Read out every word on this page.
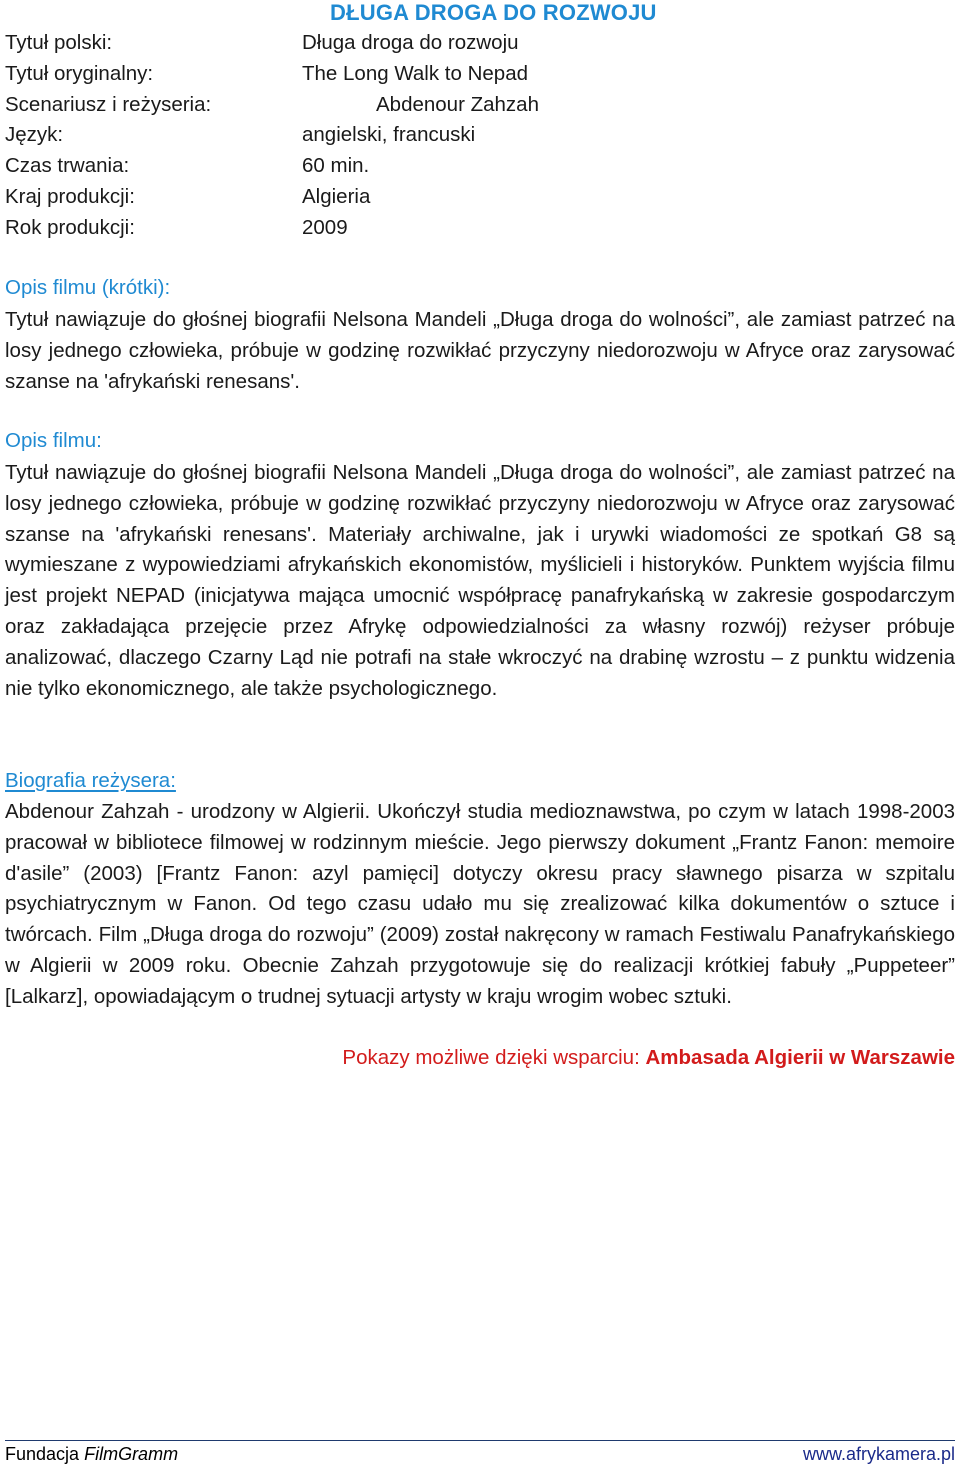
DŁUGA DROGA DO ROZWOJU
Tytuł polski:	Długa droga do rozwoju
Tytuł oryginalny:	The Long Walk to Nepad
Scenariusz i reżyseria:	Abdenour Zahzah
Język:	angielski, francuski
Czas trwania:	60 min.
Kraj produkcji:	Algieria
Rok produkcji:	2009
Opis filmu (krótki):
Tytuł nawiązuje do głośnej biografii Nelsona Mandeli „Długa droga do wolności”, ale zamiast patrzeć na losy jednego człowieka, próbuje w godzinę rozwikłać przyczyny niedorozwoju w Afryce oraz zarysować szanse na 'afrykański renesans'.
Opis filmu:
Tytuł nawiązuje do głośnej biografii Nelsona Mandeli „Długa droga do wolności”, ale zamiast patrzeć na losy jednego człowieka, próbuje w godzinę rozwikłać przyczyny niedorozwoju w Afryce oraz zarysować szanse na 'afrykański renesans'. Materiały archiwalne, jak i urywki wiadomości ze spotkań G8 są wymieszane z wypowiedziami afrykańskich ekonomistów, myślicieli i historyków. Punktem wyjścia filmu jest projekt NEPAD (inicjatywa mająca umocnić współpracę panafrykańską w zakresie gospodarczym oraz zakładająca przejęcie przez Afrykę odpowiedzialności za własny rozwój) reżyser próbuje analizować, dlaczego Czarny Ląd nie potrafi na stałe wkroczyć na drabinę wzrostu – z punktu widzenia nie tylko ekonomicznego, ale także psychologicznego.
Biografia reżysera:
Abdenour Zahzah - urodzony w Algierii. Ukończył studia medioznawstwa, po czym w latach 1998-2003 pracował w bibliotece filmowej w rodzinnym mieście. Jego pierwszy dokument „Frantz Fanon: memoire d'asile” (2003) [Frantz Fanon: azyl pamięci] dotyczy okresu pracy sławnego pisarza w szpitalu psychiatrycznym w Fanon. Od tego czasu udało mu się zrealizować kilka dokumentów o sztuce i twórcach. Film „Długa droga do rozwoju” (2009) został nakręcony w ramach Festiwalu Panafrykańskiego w Algierii w 2009 roku. Obecnie Zahzah przygotowuje się do realizacji krótkiej fabuły „Puppeteer” [Lalkarz], opowiadającym o trudnej sytuacji artysty w kraju wrogim wobec sztuki.
Pokazy możliwe dzięki wsparciu: Ambasada Algierii w Warszawie
Fundacja FilmGramm	www.afrykamera.pl
